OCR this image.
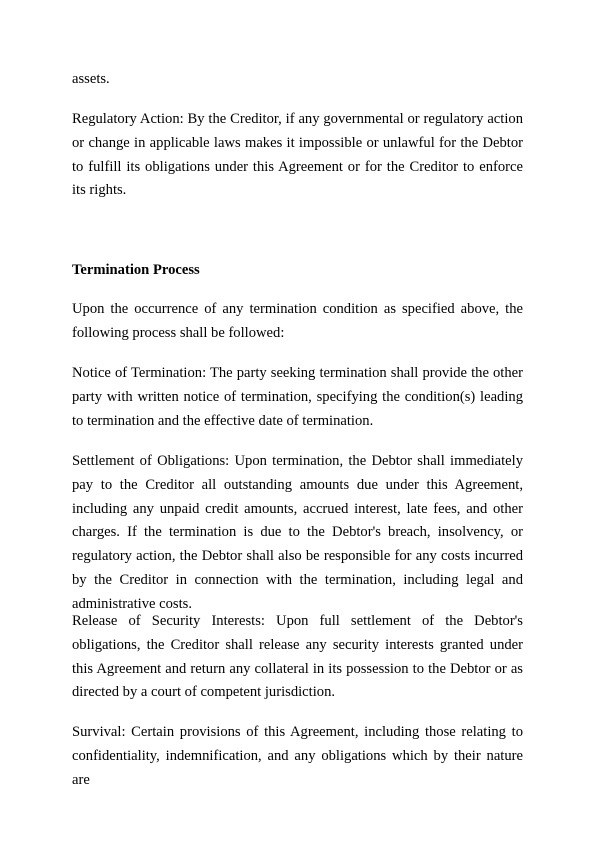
assets.

Regulatory Action: By the Creditor, if any governmental or regulatory action or change in applicable laws makes it impossible or unlawful for the Debtor to fulfill its obligations under this Agreement or for the Creditor to enforce its rights.

Termination Process

Upon the occurrence of any termination condition as specified above, the following process shall be followed:

Notice of Termination: The party seeking termination shall provide the other party with written notice of termination, specifying the condition(s) leading to termination and the effective date of termination.

Settlement of Obligations: Upon termination, the Debtor shall immediately pay to the Creditor all outstanding amounts due under this Agreement, including any unpaid credit amounts, accrued interest, late fees, and other charges. If the termination is due to the Debtor's breach, insolvency, or regulatory action, the Debtor shall also be responsible for any costs incurred by the Creditor in connection with the termination, including legal and administrative costs.

Release of Security Interests: Upon full settlement of the Debtor's obligations, the Creditor shall release any security interests granted under this Agreement and return any collateral in its possession to the Debtor or as directed by a court of competent jurisdiction.

Survival: Certain provisions of this Agreement, including those relating to confidentiality, indemnification, and any obligations which by their nature are
